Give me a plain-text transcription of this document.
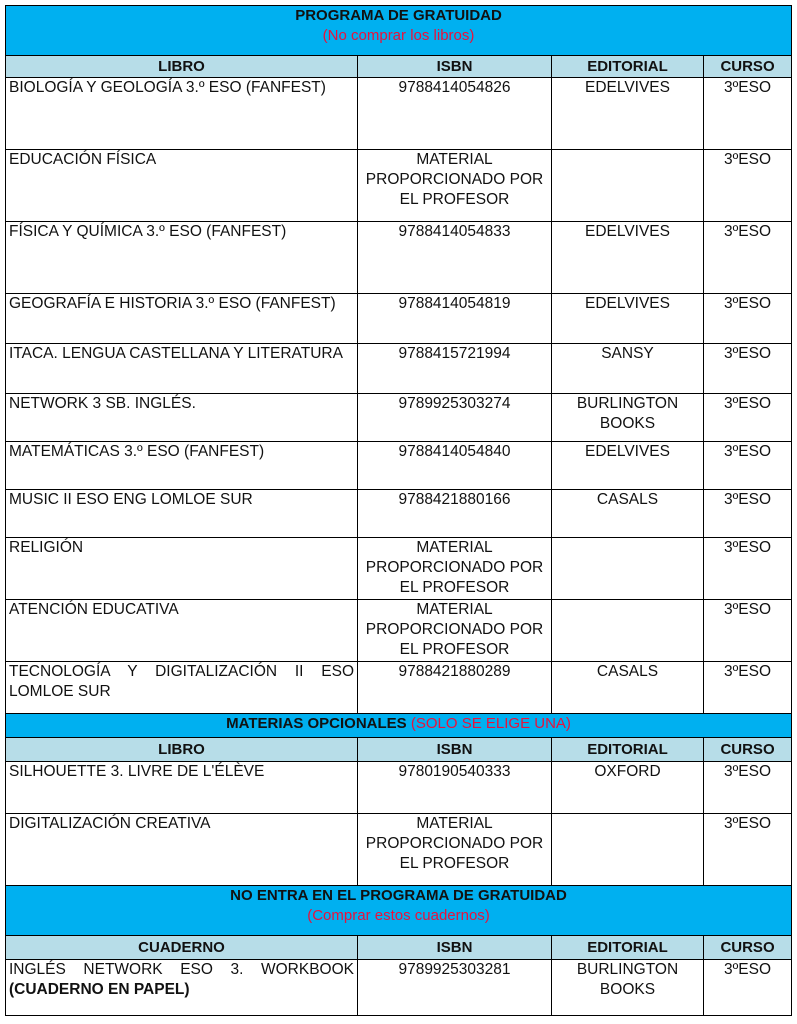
PROGRAMA DE GRATUIDAD
(No comprar los libros)			

LIBRO	ISBN	EDITORIAL	CURSO
BIOLOGÍA Y GEOLOGÍA 3.º ESO (FANFEST)	9788414054826	EDELVIVES	3ºESO
EDUCACIÓN FÍSICA	MATERIAL PROPORCIONADO POR EL PROFESOR		3ºESO
FÍSICA Y QUÍMICA 3.º ESO (FANFEST)	9788414054833	EDELVIVES	3ºESO
GEOGRAFÍA E HISTORIA 3.º ESO (FANFEST)	9788414054819	EDELVIVES	3ºESO
ITACA. LENGUA CASTELLANA Y LITERATURA	9788415721994	SANSY	3ºESO
NETWORK 3 SB. INGLÉS.	9789925303274	BURLINGTON BOOKS	3ºESO
MATEMÁTICAS 3.º ESO (FANFEST)	9788414054840	EDELVIVES	3ºESO
MUSIC II ESO ENG LOMLOE SUR	9788421880166	CASALS	3ºESO
RELIGIÓN	MATERIAL PROPORCIONADO POR EL PROFESOR		3ºESO
ATENCIÓN EDUCATIVA	MATERIAL PROPORCIONADO POR EL PROFESOR		3ºESO
TECNOLOGÍA Y DIGITALIZACIÓN II ESO LOMLOE SUR	9788421880289	CASALS	3ºESO
MATERIAS OPCIONALES (SOLO SE ELIGE UNA)			
LIBRO	ISBN	EDITORIAL	CURSO
SILHOUETTE 3. LIVRE DE L'ÉLÈVE	9780190540333	OXFORD	3ºESO
DIGITALIZACIÓN CREATIVA	MATERIAL PROPORCIONADO POR EL PROFESOR		3ºESO

NO ENTRA EN EL PROGRAMA DE GRATUIDAD
(Comprar estos cuadernos)			

CUADERNO	ISBN	EDITORIAL	CURSO

INGLÉS NETWORK ESO 3. WORKBOOK
(CUADERNO EN PAPEL)	9789925303281	BURLINGTON BOOKS	3ºESO
